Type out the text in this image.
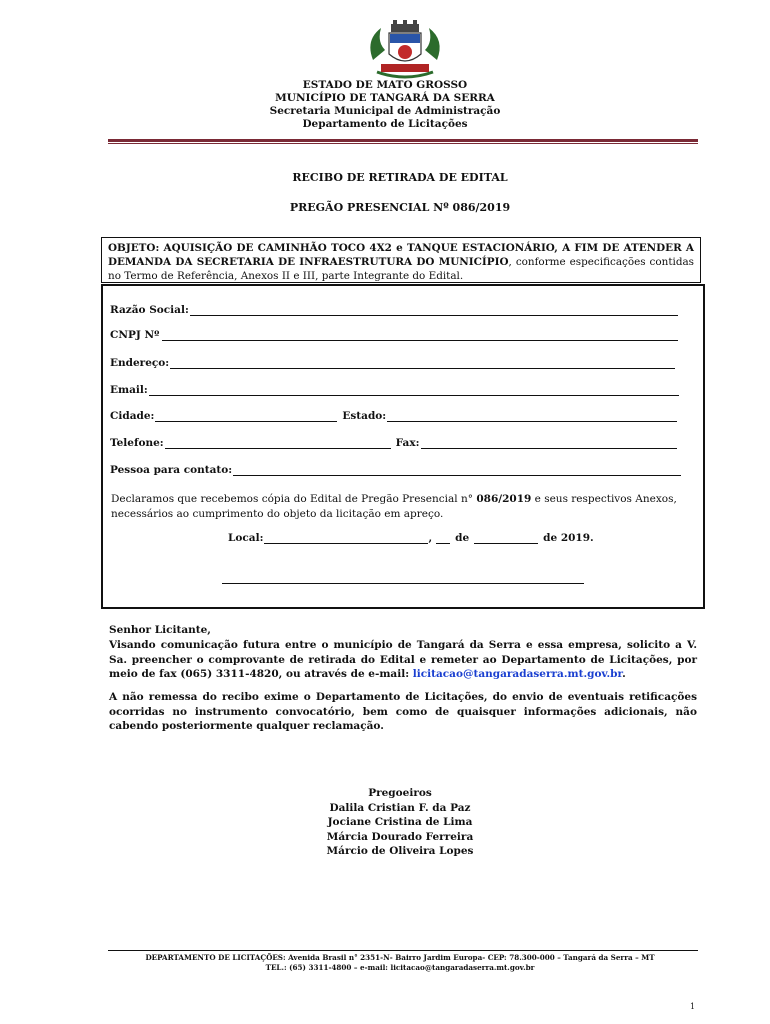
ESTADO DE MATO GROSSO
MUNICÍPIO DE TANGARÁ DA SERRA
Secretaria Municipal de Administração
Departamento de Licitações
RECIBO DE RETIRADA DE EDITAL
PREGÃO PRESENCIAL Nº 086/2019
OBJETO: AQUISIÇÃO DE CAMINHÃO TOCO 4X2 e TANQUE ESTACIONÁRIO, A FIM DE ATENDER A DEMANDA DA SECRETARIA DE INFRAESTRUTURA DO MUNICÍPIO, conforme especificações contidas no Termo de Referência, Anexos II e III, parte Integrante do Edital.
Razão Social:
CNPJ Nº
Endereço:
Email:
Cidade:	Estado:
Telefone:	Fax:
Pessoa para contato:
Declaramos que recebemos cópia do Edital de Pregão Presencial n° 086/2019 e seus respectivos Anexos, necessários ao cumprimento do objeto da licitação em apreço.
Local:	, de	de 2019.
Senhor Licitante,
Visando comunicação futura entre o município de Tangará da Serra e essa empresa, solicito a V. Sa. preencher o comprovante de retirada do Edital e remeter ao Departamento de Licitações, por meio de fax (065) 3311-4820, ou através de e-mail: licitacao@tangaradaserra.mt.gov.br.
A não remessa do recibo exime o Departamento de Licitações, do envio de eventuais retificações ocorridas no instrumento convocatório, bem como de quaisquer informações adicionais, não cabendo posteriormente qualquer reclamação.
Pregoeiros
Dalila Cristian F. da Paz
Jociane Cristina de Lima
Márcia Dourado Ferreira
Márcio de Oliveira Lopes
DEPARTAMENTO DE LICITAÇÕES: Avenida Brasil n° 2351-N- Bairro Jardim Europa- CEP: 78.300-000 – Tangará da Serra – MT
TEL.: (65) 3311-4800 – e-mail: licitacao@tangaradaserra.mt.gov.br
1
